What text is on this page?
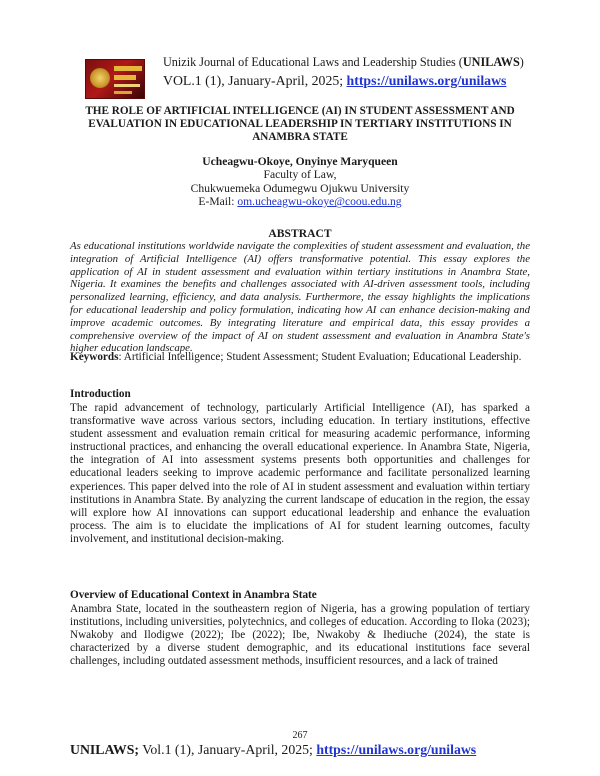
Unizik Journal of Educational Laws and Leadership Studies (UNILAWS)
VOL.1 (1), January-April, 2025; https://unilaws.org/unilaws
THE ROLE OF ARTIFICIAL INTELLIGENCE (AI) IN STUDENT ASSESSMENT AND EVALUATION IN EDUCATIONAL LEADERSHIP IN TERTIARY INSTITUTIONS IN ANAMBRA STATE
Ucheagwu-Okoye, Onyinye Maryqueen
Faculty of Law,
Chukwuemeka Odumegwu Ojukwu University
E-Mail: om.ucheagwu-okoye@coou.edu.ng
ABSTRACT
As educational institutions worldwide navigate the complexities of student assessment and evaluation, the integration of Artificial Intelligence (AI) offers transformative potential. This essay explores the application of AI in student assessment and evaluation within tertiary institutions in Anambra State, Nigeria. It examines the benefits and challenges associated with AI-driven assessment tools, including personalized learning, efficiency, and data analysis. Furthermore, the essay highlights the implications for educational leadership and policy formulation, indicating how AI can enhance decision-making and improve academic outcomes. By integrating literature and empirical data, this essay provides a comprehensive overview of the impact of AI on student assessment and evaluation in Anambra State's higher education landscape.
Keywords: Artificial Intelligence; Student Assessment; Student Evaluation; Educational Leadership.
Introduction
The rapid advancement of technology, particularly Artificial Intelligence (AI), has sparked a transformative wave across various sectors, including education. In tertiary institutions, effective student assessment and evaluation remain critical for measuring academic performance, informing instructional practices, and enhancing the overall educational experience. In Anambra State, Nigeria, the integration of AI into assessment systems presents both opportunities and challenges for educational leaders seeking to improve academic performance and facilitate personalized learning experiences. This paper delved into the role of AI in student assessment and evaluation within tertiary institutions in Anambra State. By analyzing the current landscape of education in the region, the essay will explore how AI innovations can support educational leadership and enhance the evaluation process. The aim is to elucidate the implications of AI for student learning outcomes, faculty involvement, and institutional decision-making.
Overview of Educational Context in Anambra State
Anambra State, located in the southeastern region of Nigeria, has a growing population of tertiary institutions, including universities, polytechnics, and colleges of education. According to Iloka (2023); Nwakoby and Ilodigwe (2022); Ibe (2022); Ibe, Nwakoby & Ihediuche (2024), the state is characterized by a diverse student demographic, and its educational institutions face several challenges, including outdated assessment methods, insufficient resources, and a lack of trained
267
UNILAWS; Vol.1 (1), January-April, 2025; https://unilaws.org/unilaws
